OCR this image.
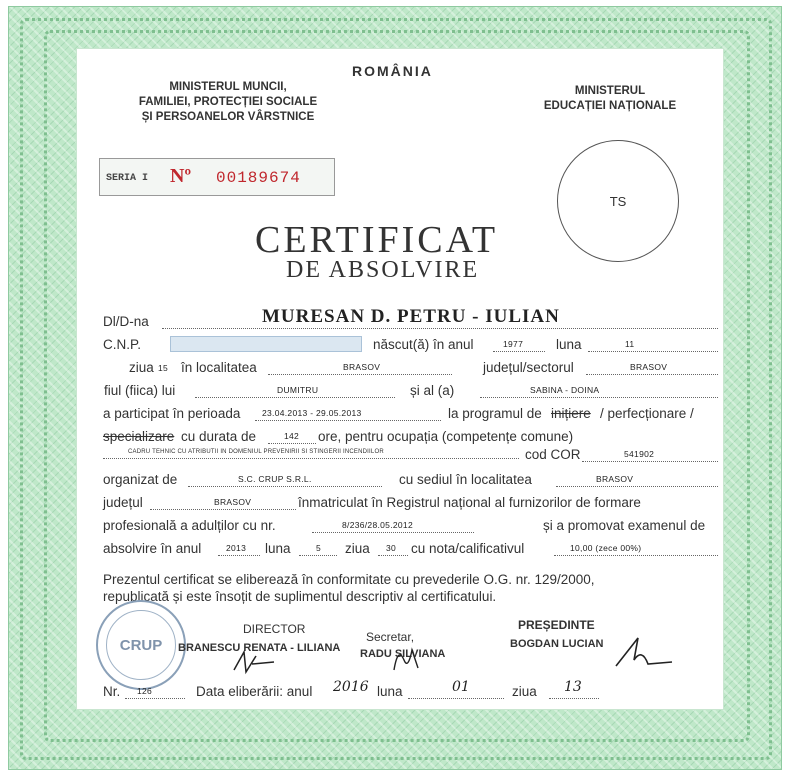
ROMÂNIA
MINISTERUL MUNCII,
FAMILIEI, PROTECȚIEI SOCIALE
ȘI PERSOANELOR VÂRSTNICE
MINISTERUL
EDUCAȚIEI NAȚIONALE
SERIA I Nº 00189674
TS
CERTIFICAT
DE ABSOLVIRE
Dl/D-na	MURESAN D. PETRU - IULIAN
C.N.P.	născut(ă) în anul	1977 luna	11
ziua 15 în localitatea	BRASOV	județul/sectorul	BRASOV
fiul (fiica) lui	DUMITRU	și al (a)	SABINA - DOINA
a participat în perioada	23.04.2013 - 29.05.2013	la programul de inițiere / perfecționare /
specializare cu durata de	142 ore, pentru ocupația (competențe comune)
CADRU TEHNIC CU ATRIBUTII IN DOMENIUL PREVENIRII SI STINGERII INCENDIILOR	cod COR	541902
organizat de	S.C. CRUP S.R.L.	cu sediul în localitatea	BRASOV
județul	BRASOV	înmatriculat în Registrul național al furnizorilor de formare
profesională a adulților cu nr.	8/236/28.05.2012	și a promovat examenul de
absolvire în anul	2013 luna	5 ziua 30 cu nota/calificativul	10,00 (zece 00%)
Prezentul certificat se eliberează în conformitate cu prevederile O.G. nr. 129/2000,
republicată și este însoțit de suplimentul descriptiv al certificatului.
CRUP
DIRECTOR
BRANESCU RENATA - LILIANA
Secretar,
RADU SILVIANA
PREȘEDINTE
BOGDAN LUCIAN
Nr. 126	Data eliberării: anul 2016 luna	01	ziua 13
